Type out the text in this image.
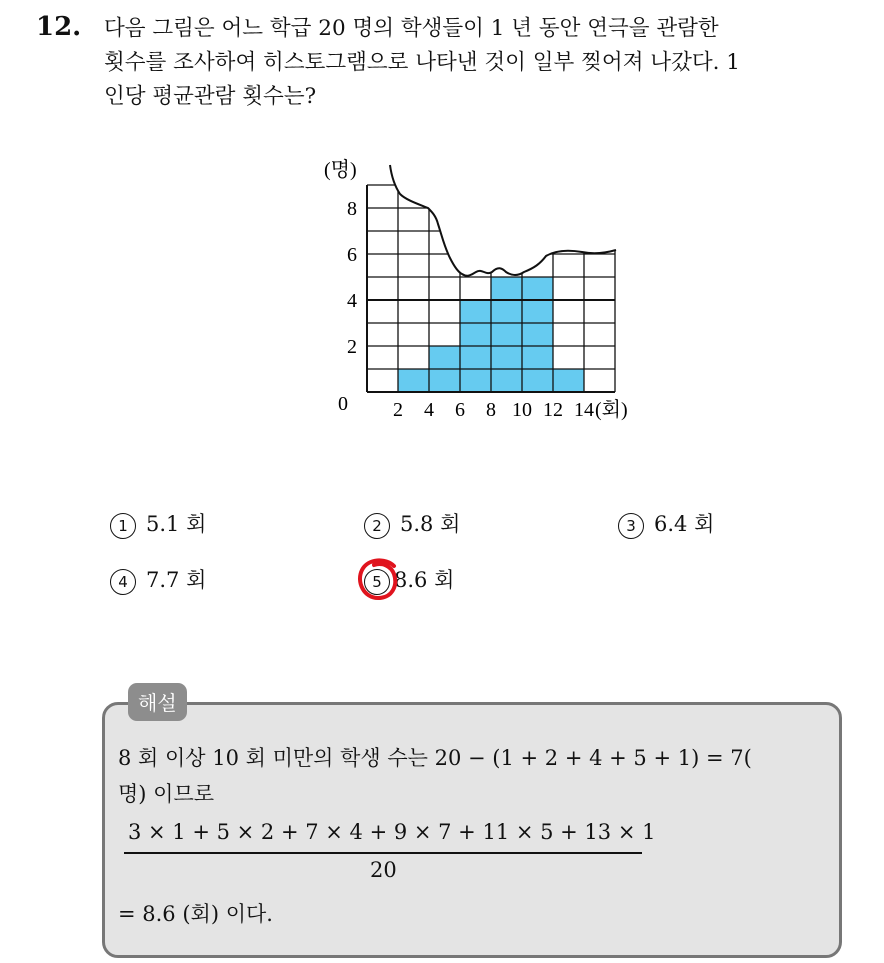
12. 다음 그림은 어느 학급 20 명의 학생들이 1 년 동안 연극을 관람한
횟수를 조사하여 히스토그램으로 나타낸 것이 일부 찢어져 나갔다. 1
인당 평균관람 횟수는?
(명)
(회)
0
2
4
6
8
2 4 6 8 10 12 14
1 5.1 회	2 5.8 회	3 6.4 회
4 7.7 회	5 8.6 회
해설
8 회 이상 10 회 미만의 학생 수는 20 − (1 + 2 + 4 + 5 + 1) = 7(
명) 이므로
3 × 1 + 5 × 2 + 7 × 4 + 9 × 7 + 11 × 5 + 13 × 1
20
= 8.6 (회) 이다.
